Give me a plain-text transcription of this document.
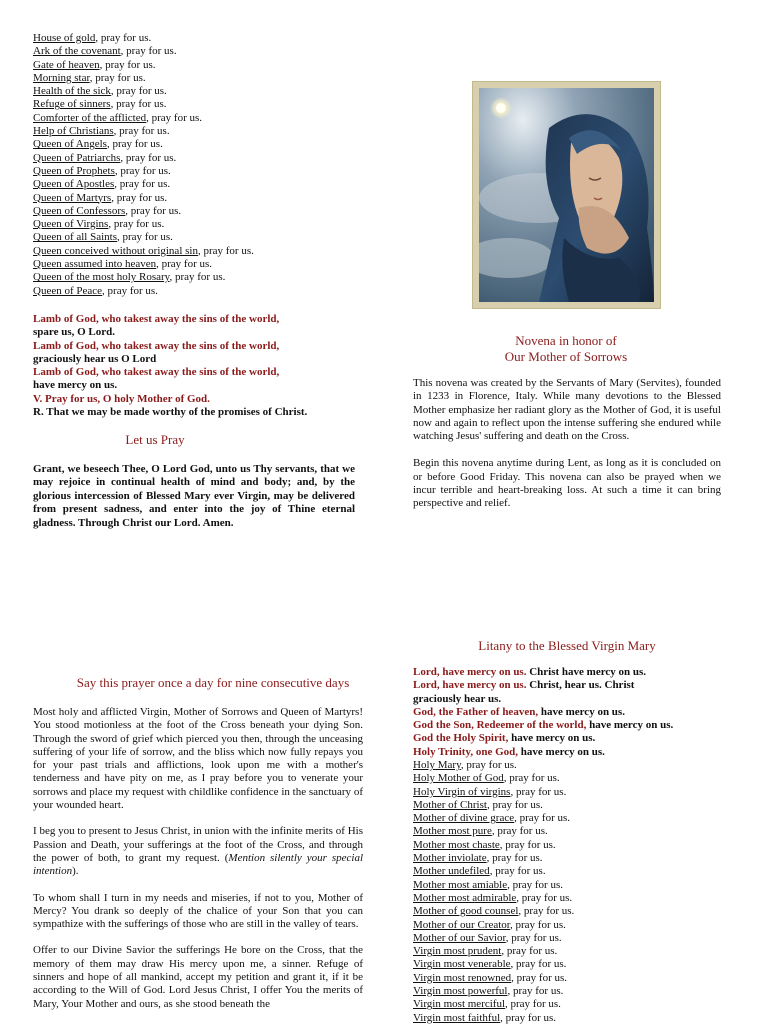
House of gold, pray for us.
Ark of the covenant, pray for us.
Gate of heaven, pray for us.
Morning star, pray for us.
Health of the sick, pray for us.
Refuge of sinners, pray for us.
Comforter of the afflicted, pray for us.
Help of Christians, pray for us.
Queen of Angels, pray for us.
Queen of Patriarchs, pray for us.
Queen of Prophets, pray for us.
Queen of Apostles, pray for us.
Queen of Martyrs, pray for us.
Queen of Confessors, pray for us.
Queen of Virgins, pray for us.
Queen of all Saints, pray for us.
Queen conceived without original sin, pray for us.
Queen assumed into heaven, pray for us.
Queen of the most holy Rosary, pray for us.
Queen of Peace, pray for us.
Lamb of God, who takest away the sins of the world,
spare us, O Lord.
Lamb of God, who takest away the sins of the world,
graciously hear us O Lord
Lamb of God, who takest away the sins of the world,
have mercy on us.
V. Pray for us, O holy Mother of God.
R. That we may be made worthy of the promises of Christ.
Let us Pray

Grant, we beseech Thee, O Lord God, unto us Thy servants, that we may rejoice in continual health of mind and body; and, by the glorious intercession of Blessed Mary ever Virgin, may be delivered from present sadness, and enter into the joy of Thine eternal gladness. Through Christ our Lord. Amen.

Say this prayer once a day for nine consecutive days

Most holy and afflicted Virgin, Mother of Sorrows and Queen of Martyrs! You stood motionless at the foot of the Cross beneath your dying Son. Through the sword of grief which pierced you then, through the unceasing suffering of your life of sorrow, and the bliss which now fully repays you for your past trials and afflictions, look upon me with a mother's tenderness and have pity on me, as I pray before you to venerate your sorrows and place my request with childlike confidence in the sanctuary of your wounded heart.

I beg you to present to Jesus Christ, in union with the infinite merits of His Passion and Death, your sufferings at the foot of the Cross, and through the power of both, to grant my request. (Mention silently your special intention).

To whom shall I turn in my needs and miseries, if not to you, Mother of Mercy? You drank so deeply of the chalice of your Son that you can sympathize with the sufferings of those who are still in the valley of tears.

Offer to our Divine Savior the sufferings He bore on the Cross, that the memory of them may draw His mercy upon me, a sinner. Refuge of sinners and hope of all mankind, accept my petition and grant it, if it be according to the Will of God. Lord Jesus Christ, I offer You the merits of Mary, Your Mother and ours, as she stood beneath the

Novena in honor of
Our Mother of Sorrows

This novena was created by the Servants of Mary (Servites), founded in 1233 in Florence, Italy. While many devotions to the Blessed Mother emphasize her radiant glory as the Mother of God, it is useful now and again to reflect upon the intense suffering she endured while watching Jesus' suffering and death on the Cross.

Begin this novena anytime during Lent, as long as it is concluded on or before Good Friday. This novena can also be prayed when we incur terrible and heart-breaking loss. At such a time it can bring perspective and relief.

Litany to the Blessed Virgin Mary
Lord, have mercy on us. Christ have mercy on us.
Lord, have mercy on us. Christ, hear us. Christ
graciously hear us.
God, the Father of heaven, have mercy on us.
God the Son, Redeemer of the world, have mercy on us.
God the Holy Spirit, have mercy on us.
Holy Trinity, one God, have mercy on us.
Holy Mary, pray for us.
Holy Mother of God, pray for us.
Holy Virgin of virgins, pray for us.
Mother of Christ, pray for us.
Mother of divine grace, pray for us.
Mother most pure, pray for us.
Mother most chaste, pray for us.
Mother inviolate, pray for us.
Mother undefiled, pray for us.
Mother most amiable, pray for us.
Mother most admirable, pray for us.
Mother of good counsel, pray for us.
Mother of our Creator, pray for us.
Mother of our Savior, pray for us.
Virgin most prudent, pray for us.
Virgin most venerable, pray for us.
Virgin most renowned, pray for us.
Virgin most powerful, pray for us.
Virgin most merciful, pray for us.
Virgin most faithful, pray for us.
